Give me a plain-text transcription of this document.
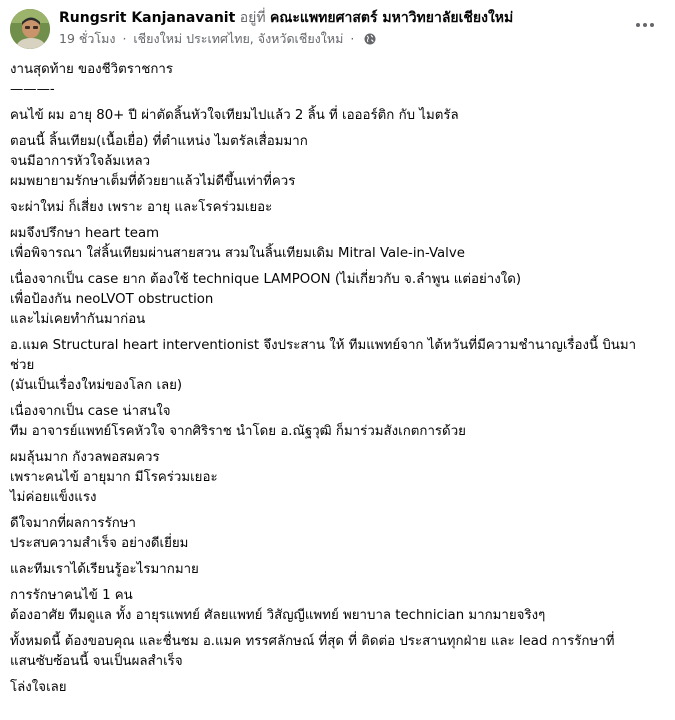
Rungsrit Kanjanavanit อยู่ที่ คณะแพทยศาสตร์ มหาวิทยาลัยเชียงใหม่
19 ชั่วโมง · เชียงใหม่ ประเทศไทย, จังหวัดเชียงใหม่ ·
งานสุดท้าย ของชีวิตราชการ
———-
คนไข้ ผม อายุ 80+ ปี ผ่าตัดลิ้นหัวใจเทียมไปแล้ว 2 ลิ้น ที่ เอออร์ติก กับ ไมตรัล
ตอนนี้ ลิ้นเทียม(เนื้อเยื่อ) ที่ตำแหน่ง ไมตรัลเสื่อมมาก
จนมีอาการหัวใจล้มเหลว
ผมพยายามรักษาเต็มที่ด้วยยาแล้วไม่ดีขึ้นเท่าที่ควร
จะผ่าใหม่ ก็เสี่ยง เพราะ อายุ และโรคร่วมเยอะ
ผมจึงปรึกษา heart team
เพื่อพิจารณา ใส่ลิ้นเทียมผ่านสายสวน สวมในลิ้นเทียมเดิม Mitral Vale-in-Valve
เนื่องจากเป็น case ยาก ต้องใช้ technique LAMPOON (ไม่เกี่ยวกับ จ.ลำพูน แต่อย่างใด)
เพื่อป้องกัน neoLVOT obstruction
และไม่เคยทำกันมาก่อน
อ.แมค Structural heart interventionist จึงประสาน ให้ ทีมแพทย์จาก ไต้หวันที่มีความชำนาญเรื่องนี้ บินมา
ช่วย
(มันเป็นเรื่องใหม่ของโลก เลย)
เนื่องจากเป็น case น่าสนใจ
ทีม อาจารย์แพทย์โรคหัวใจ จากศิริราช นำโดย อ.ณัฐวุฒิ ก็มาร่วมสังเกตการด้วย
ผมลุ้นมาก กังวลพอสมควร
เพราะคนไข้ อายุมาก มีโรคร่วมเยอะ
ไม่ค่อยแข็งแรง
ดีใจมากที่ผลการรักษา
ประสบความสำเร็จ อย่างดีเยี่ยม
และทีมเราได้เรียนรู้อะไรมากมาย
การรักษาคนไข้ 1 คน
ต้องอาศัย ทีมดูแล ทั้ง อายุรแพทย์ ศัลยแพทย์ วิสัญญีแพทย์ พยาบาล technician มากมายจริงๆ
ทั้งหมดนี้ ต้องขอบคุณ และชื่นชม อ.แมค ทรรศลักษณ์ ที่สุด ที่ ติดต่อ ประสานทุกฝ่าย และ lead การรักษาที่
แสนซับซ้อนนี้ จนเป็นผลสำเร็จ
โล่งใจเลย
